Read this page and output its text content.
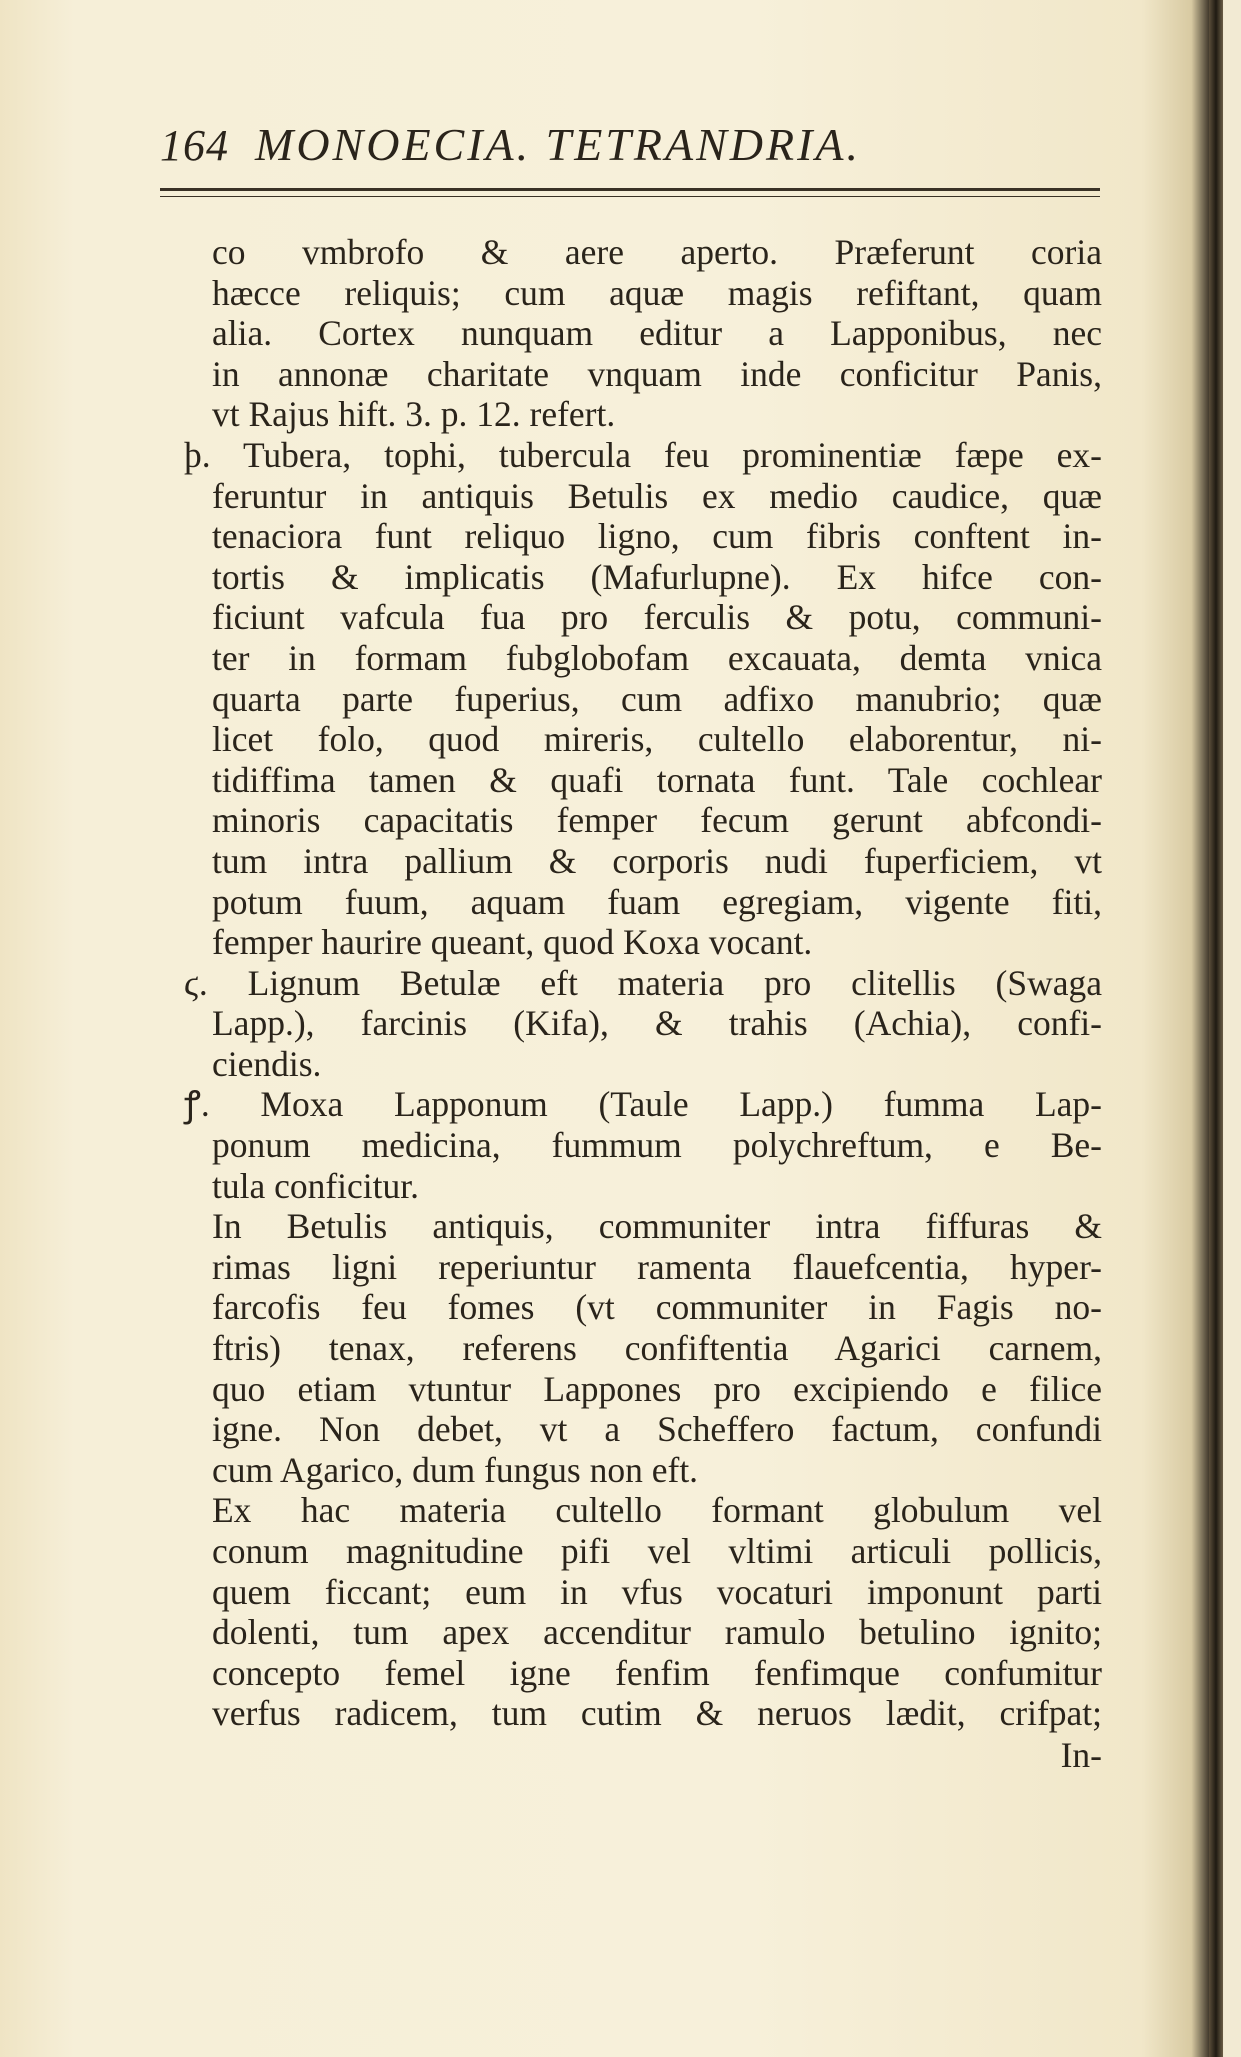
164 MONOECIA. TETRANDRIA.
co vmbrofo & aere aperto. Præferunt coria
hæcce reliquis; cum aquæ magis refiftant, quam
alia. Cortex nunquam editur a Lapponibus, nec
in annonæ charitate vnquam inde conficitur Panis,
vt Rajus hift. 3. p. 12. refert.
þ. Tubera, tophi, tubercula feu prominentiæ fæpe ex-
feruntur in antiquis Betulis ex medio caudice, quæ
tenaciora funt reliquo ligno, cum fibris conftent in-
tortis & implicatis (Mafurlupne). Ex hifce con-
ficiunt vafcula fua pro ferculis & potu, communi-
ter in formam fubglobofam excauata, demta vnica
quarta parte fuperius, cum adfixo manubrio; quæ
licet folo, quod mireris, cultello elaborentur, ni-
tidiffima tamen & quafi tornata funt. Tale cochlear
minoris capacitatis femper fecum gerunt abfcondi-
tum intra pallium & corporis nudi fuperficiem, vt
potum fuum, aquam fuam egregiam, vigente fiti,
femper haurire queant, quod Koxa vocant.
ϛ. Lignum Betulæ eft materia pro clitellis (Swaga
Lapp.), farcinis (Kifa), & trahis (Achia), confi-
ciendis.
ꝭ. Moxa Lapponum (Taule Lapp.) fumma Lap-
ponum medicina, fummum polychreftum, e Be-
tula conficitur.
In Betulis antiquis, communiter intra fiffuras &
rimas ligni reperiuntur ramenta flauefcentia, hyper-
farcofis feu fomes (vt communiter in Fagis no-
ftris) tenax, referens confiftentia Agarici carnem,
quo etiam vtuntur Lappones pro excipiendo e filice
igne. Non debet, vt a Scheffero factum, confundi
cum Agarico, dum fungus non eft.
Ex hac materia cultello formant globulum vel
conum magnitudine pifi vel vltimi articuli pollicis,
quem ficcant; eum in vfus vocaturi imponunt parti
dolenti, tum apex accenditur ramulo betulino ignito;
concepto femel igne fenfim fenfimque confumitur
verfus radicem, tum cutim & neruos lædit, crifpat;
In-
